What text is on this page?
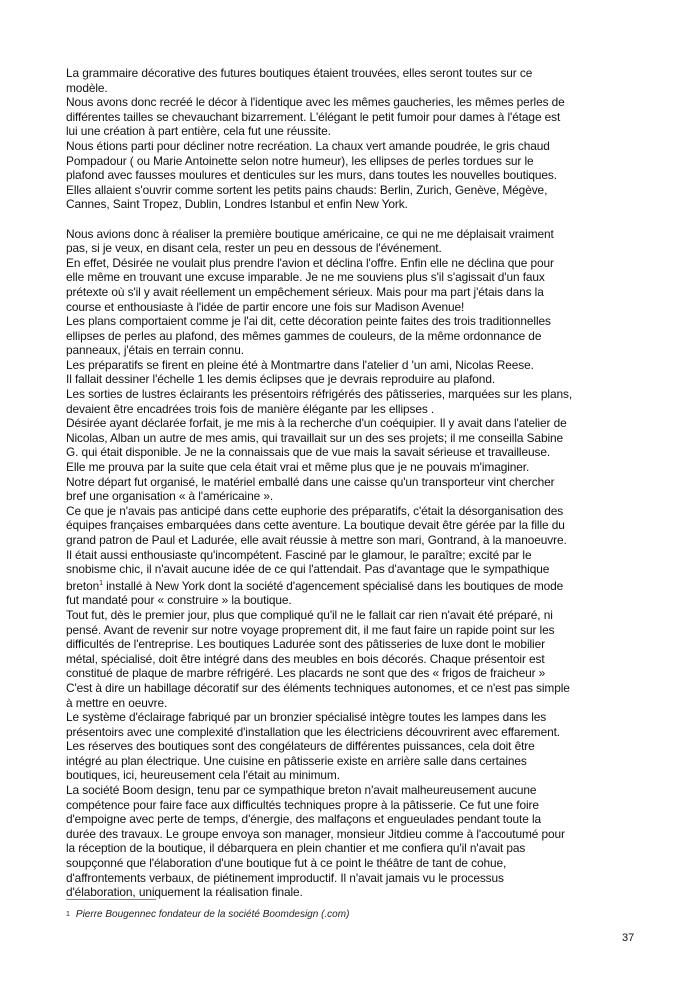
La grammaire décorative des futures boutiques étaient trouvées, elles seront toutes sur ce
modèle.

Nous avons donc recréé le décor à l'identique avec les mêmes gaucheries, les mêmes perles de
différentes tailles se chevauchant bizarrement. L'élégant le petit fumoir pour dames à l'étage est
lui une création à part entière, cela fut une réussite.

Nous étions parti pour décliner notre recréation. La chaux vert amande poudrée, le gris chaud
Pompadour ( ou Marie Antoinette selon notre humeur), les ellipses de perles tordues sur le
plafond avec fausses moulures et denticules sur les murs, dans toutes les nouvelles boutiques.
Elles allaient s'ouvrir comme sortent les petits pains chauds: Berlin, Zurich, Genève, Mégève,
Cannes, Saint Tropez, Dublin, Londres Istanbul et enfin New York.

Nous avions donc à réaliser la première boutique américaine, ce qui ne me déplaisait vraiment
pas, si je veux, en disant cela, rester un peu en dessous de l'événement.

En effet, Désirée ne voulait plus prendre l'avion et déclina l'offre. Enfin elle ne déclina que pour
elle même en trouvant une excuse imparable. Je ne me souviens plus s'il s'agissait d'un faux
prétexte où s'il y avait réellement un empêchement sérieux. Mais pour ma part j'étais dans la
course et enthousiaste à l'idée de partir encore une fois sur Madison Avenue!

Les plans comportaient comme je l'ai dit, cette décoration peinte faites des trois traditionnelles
ellipses de perles au plafond, des mêmes gammes de couleurs, de la même ordonnance de
panneaux, j'étais en terrain connu.

Les préparatifs se firent en pleine été à Montmartre dans l'atelier d 'un ami, Nicolas Reese.

Il fallait dessiner l'échelle 1 les demis éclipses que je devrais reproduire au plafond.

Les sorties de lustres éclairants les présentoirs réfrigérés des pâtisseries, marquées sur les plans,
devaient être encadrées trois fois de manière élégante par les ellipses .

Désirée ayant déclarée forfait, je me mis à la recherche d'un coéquipier. Il y avait dans l'atelier de
Nicolas, Alban un autre de mes amis, qui travaillait sur un des ses projets; il me conseilla Sabine
G. qui était disponible. Je ne la connaissais que de vue mais la savait sérieuse et travailleuse.

Elle me prouva par la suite que cela était vrai et même plus que je ne pouvais m'imaginer.

Notre départ fut organisé, le matériel emballé dans une caisse qu'un transporteur vint chercher
bref une organisation « à l'américaine ».

Ce que je n'avais pas anticipé dans cette euphorie des préparatifs, c'était la désorganisation des
équipes françaises embarquées dans cette aventure. La boutique devait être gérée par la fille du
grand patron de Paul et Ladurée, elle avait réussie à mettre son mari, Gontrand, à la manoeuvre.

Il était aussi enthousiaste qu'incompétent. Fasciné par le glamour, le paraître; excité par le
snobisme chic, il n'avait aucune idée de ce qui l'attendait. Pas d'avantage que le sympathique

breton$^1$ installé à New York dont la société d'agencement spécialisé dans les boutiques de mode
fut mandaté pour « construire » la boutique.

Tout fut, dès le premier jour, plus que compliqué qu'il ne le fallait car rien n'avait été préparé, ni
pensé. Avant de revenir sur notre voyage proprement dit, il me faut faire un rapide point sur les
difficultés de l'entreprise. Les boutiques Ladurée sont des pâtisseries de luxe dont le mobilier
métal, spécialisé, doit être intégré dans des meubles en bois décorés. Chaque présentoir est
constitué de plaque de marbre réfrigéré. Les placards ne sont que des « frigos de fraicheur »
C'est à dire un habillage décoratif sur des éléments techniques autonomes, et ce n'est pas simple
à mettre en oeuvre.

Le système d'éclairage fabriqué par un bronzier spécialisé intègre toutes les lampes dans les
présentoirs avec une complexité d'installation que les électriciens découvrirent avec effarement.

Les réserves des boutiques sont des congélateurs de différentes puissances, cela doit être
intégré au plan électrique. Une cuisine en pâtisserie existe en arrière salle dans certaines
boutiques, ici, heureusement cela l'était au minimum.

La société Boom design, tenu par ce sympathique breton n'avait malheureusement aucune
compétence pour faire face aux difficultés techniques propre à la pâtisserie. Ce fut une foire
d'empoigne avec perte de temps, d'énergie, des malfaçons et engueulades pendant toute la
durée des travaux. Le groupe envoya son manager, monsieur Jitdieu comme à l'accoutumé pour
la réception de la boutique, il débarquera en plein chantier et me confiera qu'il n'avait pas
soupçonné que l'élaboration d'une boutique fut à ce point le théâtre de tant de cohue,
d'affrontements verbaux, de piétinement improductif. Il n'avait jamais vu le processus
d'élaboration, uniquement la réalisation finale.

$^1$ Pierre Bougennec fondateur de la société Boomdesign (.com)
37
